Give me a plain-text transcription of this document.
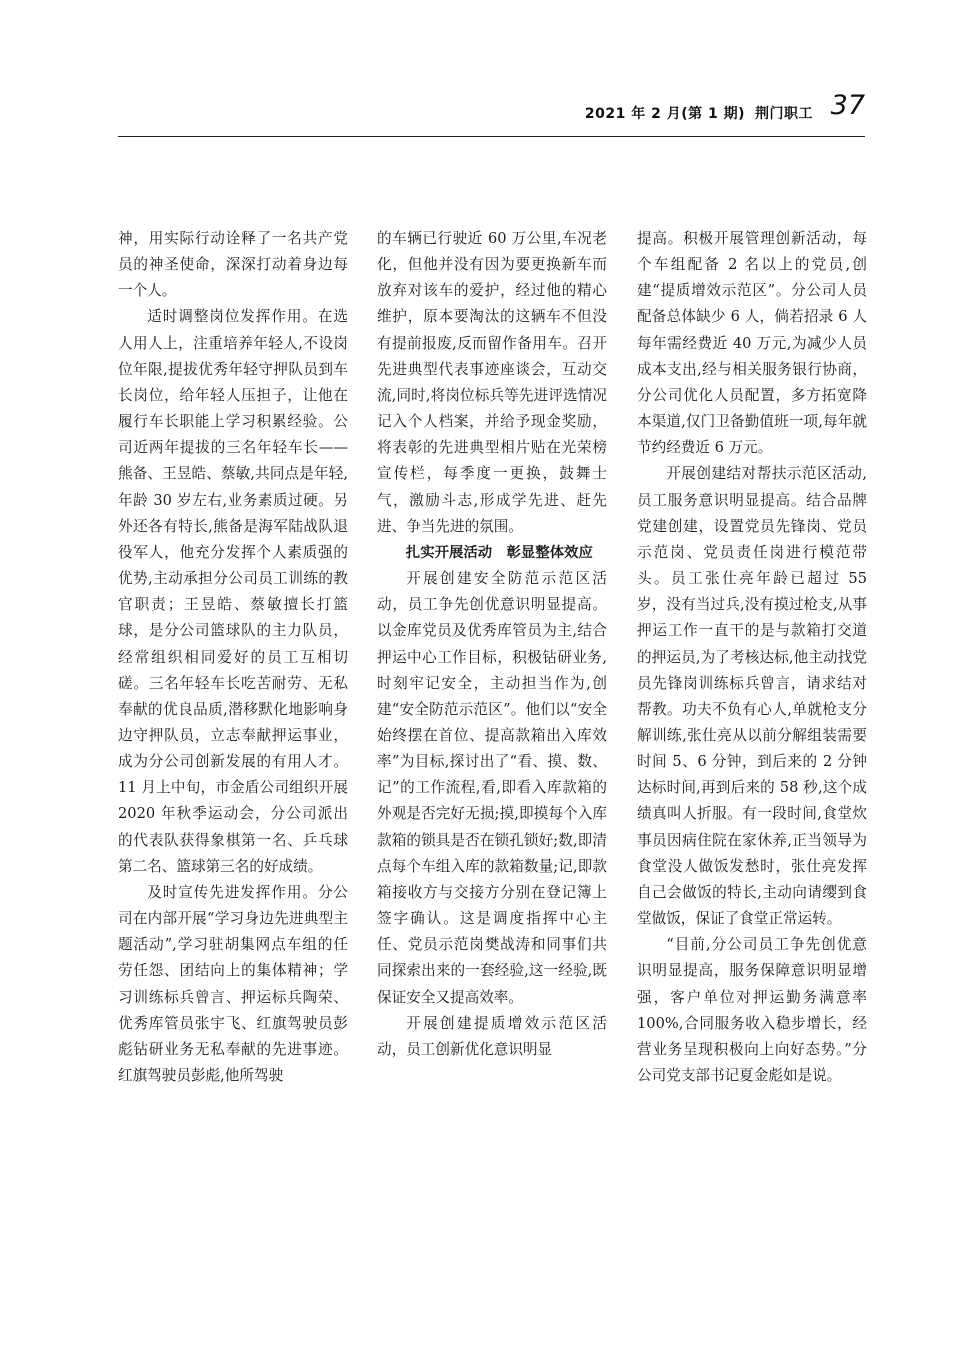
2021 年 2 月(第 1 期) 荆门职工 37

神，用实际行动诠释了一名共产党员的神圣使命，深深打动着身边每一个人。

适时调整岗位发挥作用。在选人用人上，注重培养年轻人,不设岗位年限,提拔优秀年轻守押队员到车长岗位，给年轻人压担子，让他在履行车长职能上学习积累经验。公司近两年提拔的三名年轻车长——熊备、王昱皓、蔡敏,共同点是年轻,年龄 30 岁左右,业务素质过硬。另外还各有特长,熊备是海军陆战队退役军人，他充分发挥个人素质强的优势,主动承担分公司员工训练的教官职责；王昱皓、蔡敏擅长打篮球，是分公司篮球队的主力队员，经常组织相同爱好的员工互相切磋。三名年轻车长吃苦耐劳、无私奉献的优良品质,潜移默化地影响身边守押队员，立志奉献押运事业，成为分公司创新发展的有用人才。11 月上中旬，市金盾公司组织开展 2020 年秋季运动会，分公司派出的代表队获得象棋第一名、乒乓球第二名、篮球第三名的好成绩。

及时宣传先进发挥作用。分公司在内部开展“学习身边先进典型主题活动”,学习驻胡集网点车组的任劳任怨、团结向上的集体精神；学习训练标兵曾言、押运标兵陶荣、优秀库管员张宇飞、红旗驾驶员彭彪钻研业务无私奉献的先进事迹。红旗驾驶员彭彪,他所驾驶

的车辆已行驶近 60 万公里,车况老化，但他并没有因为要更换新车而放弃对该车的爱护，经过他的精心维护，原本要淘汰的这辆车不但没有提前报废,反而留作备用车。召开先进典型代表事迹座谈会，互动交流,同时,将岗位标兵等先进评选情况记入个人档案，并给予现金奖励，将表彰的先进典型相片贴在光荣榜宣传栏，每季度一更换，鼓舞士气，激励斗志,形成学先进、赶先进、争当先进的氛围。

扎实开展活动　彰显整体效应

开展创建安全防范示范区活动，员工争先创优意识明显提高。以金库党员及优秀库管员为主,结合押运中心工作目标，积极钻研业务,时刻牢记安全，主动担当作为,创建“安全防范示范区”。他们以“安全始终摆在首位、提高款箱出入库效率”为目标,探讨出了“看、摸、数、记”的工作流程,看,即看入库款箱的外观是否完好无损;摸,即摸每个入库款箱的锁具是否在锁孔锁好;数,即清点每个车组入库的款箱数量;记,即款箱接收方与交接方分别在登记簿上签字确认。这是调度指挥中心主任、党员示范岗樊战涛和同事们共同探索出来的一套经验,这一经验,既保证安全又提高效率。

开展创建提质增效示范区活动，员工创新优化意识明显

提高。积极开展管理创新活动，每个车组配备 2 名以上的党员,创建“提质增效示范区”。分公司人员配备总体缺少 6 人，倘若招录 6 人每年需经费近 40 万元,为减少人员成本支出,经与相关服务银行协商，分公司优化人员配置，多方拓宽降本渠道,仅门卫备勤值班一项,每年就节约经费近 6 万元。

开展创建结对帮扶示范区活动,员工服务意识明显提高。结合品牌党建创建，设置党员先锋岗、党员示范岗、党员责任岗进行模范带头。员工张仕亮年龄已超过 55 岁，没有当过兵,没有摸过枪支,从事押运工作一直干的是与款箱打交道的押运员,为了考核达标,他主动找党员先锋岗训练标兵曾言，请求结对帮教。功夫不负有心人,单就枪支分解训练,张仕亮从以前分解组装需要时间 5、6 分钟，到后来的 2 分钟达标时间,再到后来的 58 秒,这个成绩真叫人折服。有一段时间,食堂炊事员因病住院在家休养,正当领导为食堂没人做饭发愁时，张仕亮发挥自己会做饭的特长,主动向请缨到食堂做饭，保证了食堂正常运转。

“目前,分公司员工争先创优意识明显提高，服务保障意识明显增强，客户单位对押运勤务满意率 100%,合同服务收入稳步增长，经营业务呈现积极向上向好态势。”分公司党支部书记夏金彪如是说。
